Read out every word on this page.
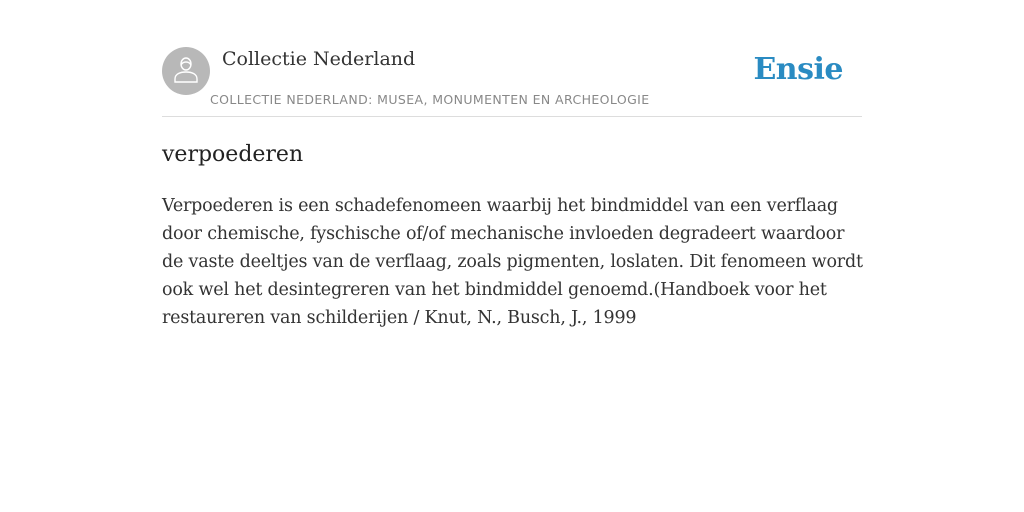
Collectie Nederland
COLLECTIE NEDERLAND: MUSEA, MONUMENTEN EN ARCHEOLOGIE
Ensie
verpoederen

Verpoederen is een schadefenomeen waarbij het bindmiddel van een verflaag door chemische, fyschische of/of mechanische invloeden degradeert waardoor de vaste deeltjes van de verflaag, zoals pigmenten, loslaten. Dit fenomeen wordt ook wel het desintegreren van het bindmiddel genoemd.(Handboek voor het restaureren van schilderijen / Knut, N., Busch, J., 1999
